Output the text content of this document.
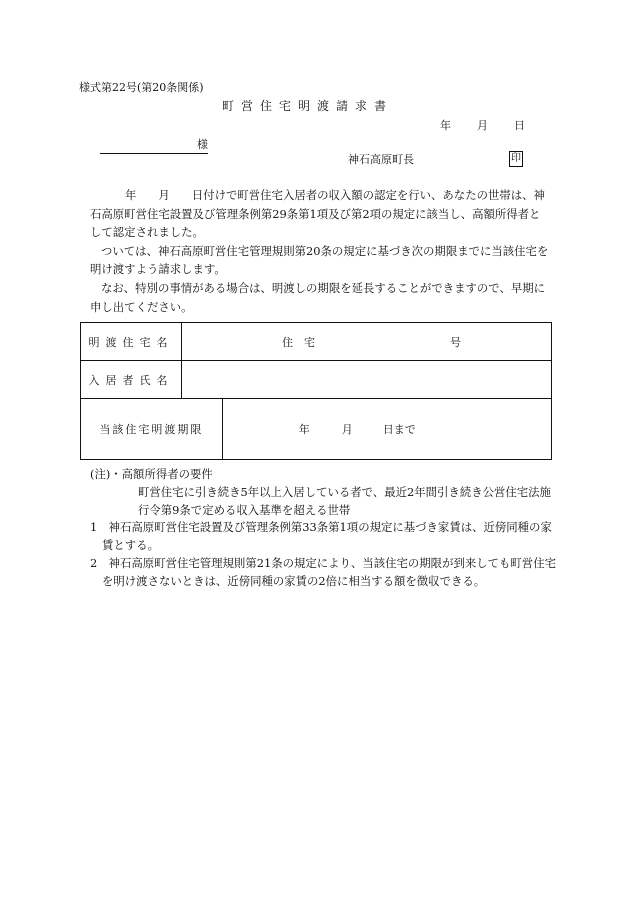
様式第22号(第20条関係)
町営住宅明渡請求書
年 月 日
様
神石高原町長	印

年 月 日付けで町営住宅入居者の収入額の認定を行い、あなたの世帯は、神石高原町営住宅設置及び管理条例第29条第1項及び第2項の規定に該当し、高額所得者として認定されました。

ついては、神石高原町営住宅管理規則第20条の規定に基づき次の期限までに当該住宅を明け渡すよう請求します。

なお、特別の事情がある場合は、明渡しの期限を延長することができますので、早期に申し出てください。

明渡住宅名	住　宅 号	
入居者氏名		
当該住宅明渡期限		年 月 日まで

(注)・高額所得者の要件

町営住宅に引き続き5年以上入居している者で、最近2年間引き続き公営住宅法施行令第9条で定める収入基準を超える世帯

1　神石高原町営住宅設置及び管理条例第33条第1項の規定に基づき家賃は、近傍同種の家賃とする。

2　神石高原町営住宅管理規則第21条の規定により、当該住宅の期限が到来しても町営住宅を明け渡さないときは、近傍同種の家賃の2倍に相当する額を徴収できる。
